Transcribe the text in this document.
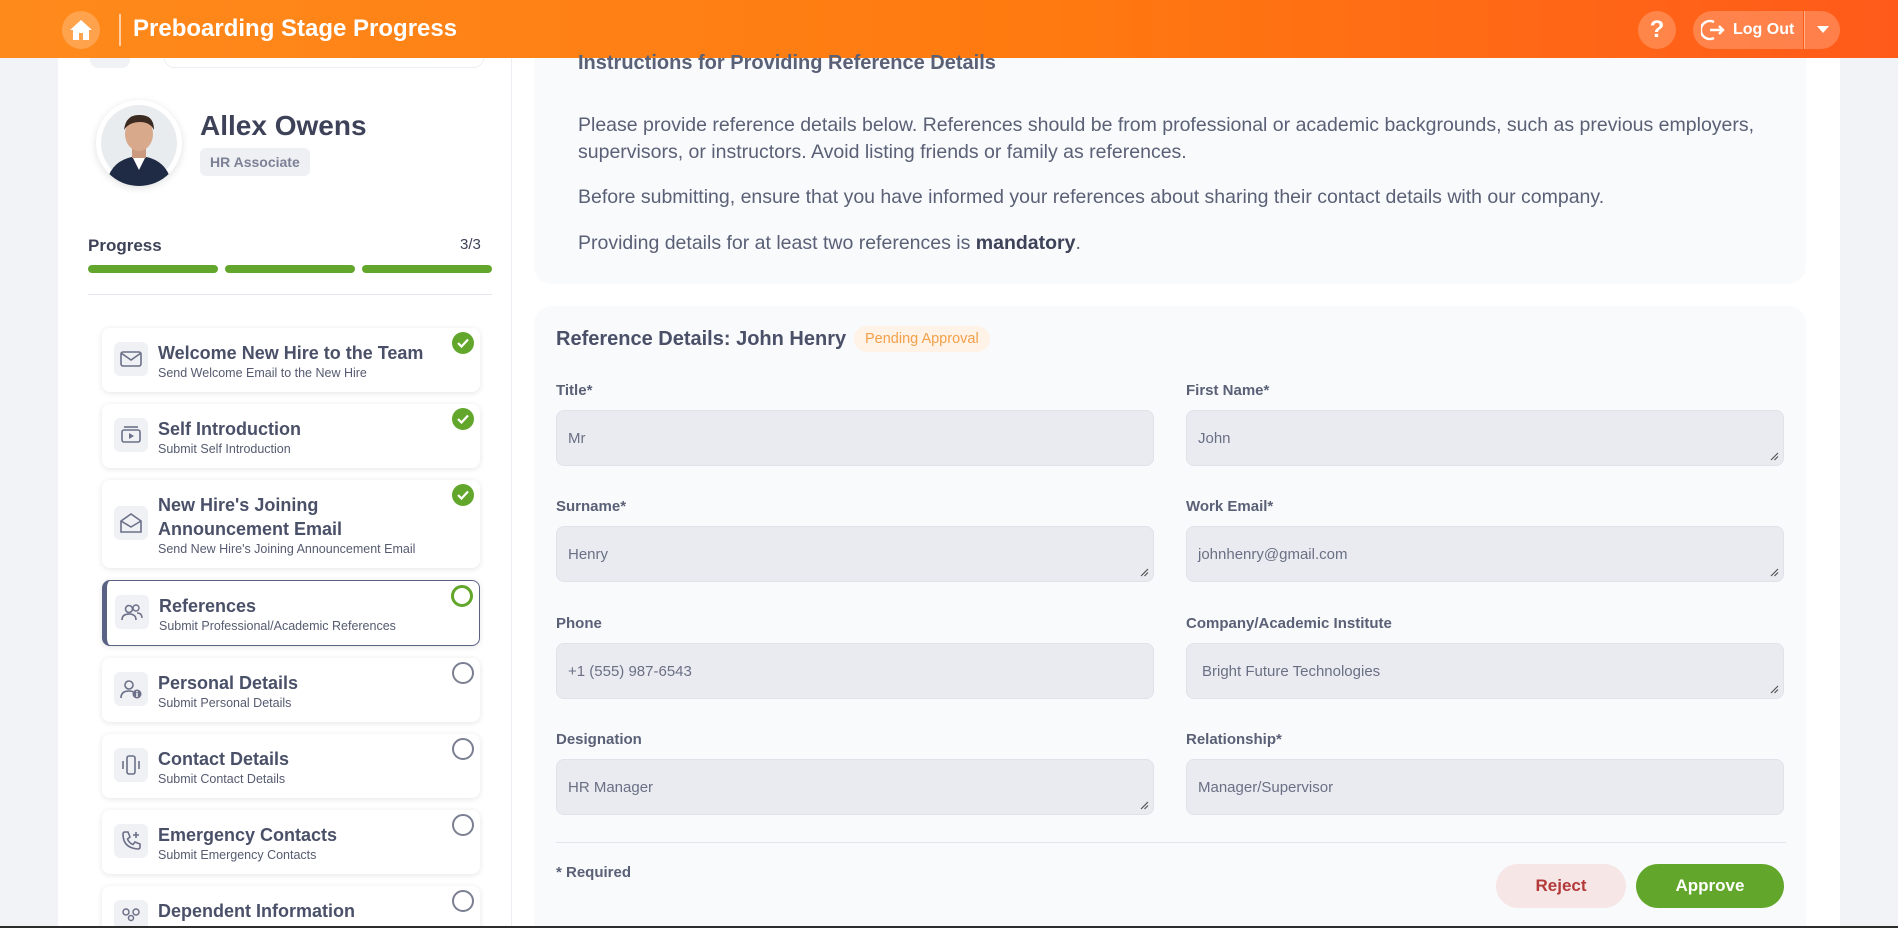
Preboarding Stage Progress	?	Log Out
Allex Owens
HR Associate
Progress	3/3
Welcome New Hire to the Team
Send Welcome Email to the New Hire
Self Introduction
Submit Self Introduction
New Hire's Joining Announcement Email
Send New Hire's Joining Announcement Email
References
Submit Professional/Academic References
Personal Details
Submit Personal Details
Contact Details
Submit Contact Details
Emergency Contacts
Submit Emergency Contacts
Dependent Information
Instructions for Providing Reference Details
Please provide reference details below. References should be from professional or academic backgrounds, such as previous employers, supervisors, or instructors. Avoid listing friends or family as references.
Before submitting, ensure that you have informed your references about sharing their contact details with our company.
Providing details for at least two references is mandatory.
Reference Details: John Henry	Pending Approval
Title*
Mr
First Name*
John
Surname*
Henry
Work Email*
johnhenry@gmail.com
Phone
+1 (555) 987-6543
Company/Academic Institute
Bright Future Technologies
Designation
HR Manager
Relationship*
Manager/Supervisor
* Required
Reject	Approve
